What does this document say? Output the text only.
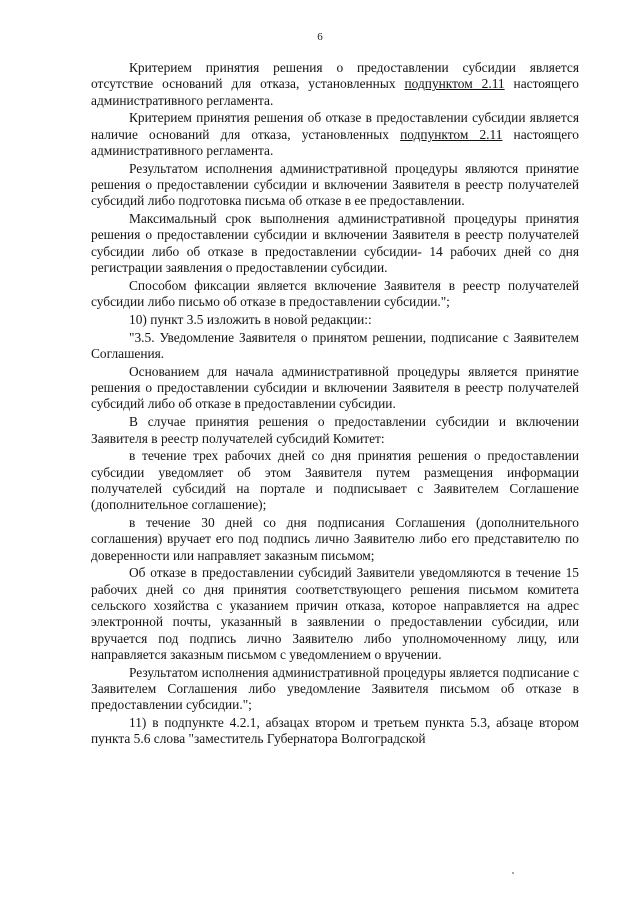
6

Критерием принятия решения о предоставлении субсидии является отсутствие оснований для отказа, установленных подпунктом 2.11 настоящего административного регламента.

Критерием принятия решения об отказе в предоставлении субсидии является наличие оснований для отказа, установленных подпунктом 2.11 настоящего административного регламента.

Результатом исполнения административной процедуры являются принятие решения о предоставлении субсидии и включении Заявителя в реестр получателей субсидий либо подготовка письма об отказе в ее предоставлении.

Максимальный срок выполнения административной процедуры принятия решения о предоставлении субсидии и включении Заявителя в реестр получателей субсидии либо об отказе в предоставлении субсидии- 14 рабочих дней со дня регистрации заявления о предоставлении субсидии.

Способом фиксации является включение Заявителя в реестр получателей субсидии либо письмо об отказе в предоставлении субсидии.";

10) пункт 3.5 изложить в новой редакции::

"3.5. Уведомление Заявителя о принятом решении, подписание с Заявителем Соглашения.

Основанием для начала административной процедуры является принятие решения о предоставлении субсидии и включении Заявителя в реестр получателей субсидий либо об отказе в предоставлении субсидии.

В случае принятия решения о предоставлении субсидии и включении Заявителя в реестр получателей субсидий Комитет:

в течение трех рабочих дней со дня принятия решения о предоставлении субсидии уведомляет об этом Заявителя путем размещения информации получателей субсидий на портале и подписывает с Заявителем Соглашение (дополнительное соглашение);

в течение 30 дней со дня подписания Соглашения (дополнительного соглашения) вручает его под подпись лично Заявителю либо его представителю по доверенности или направляет заказным письмом;

Об отказе в предоставлении субсидий Заявители уведомляются в течение 15 рабочих дней со дня принятия соответствующего решения письмом комитета сельского хозяйства с указанием причин отказа, которое направляется на адрес электронной почты, указанный в заявлении о предоставлении субсидии, или вручается под подпись лично Заявителю либо уполномоченному лицу, или направляется заказным письмом с уведомлением о вручении.

Результатом исполнения административной процедуры является подписание с Заявителем Соглашения либо уведомление Заявителя письмом об отказе в предоставлении субсидии.";

11) в подпункте 4.2.1, абзацах втором и третьем пункта 5.3, абзаце втором пункта 5.6 слова "заместитель Губернатора Волгоградской
